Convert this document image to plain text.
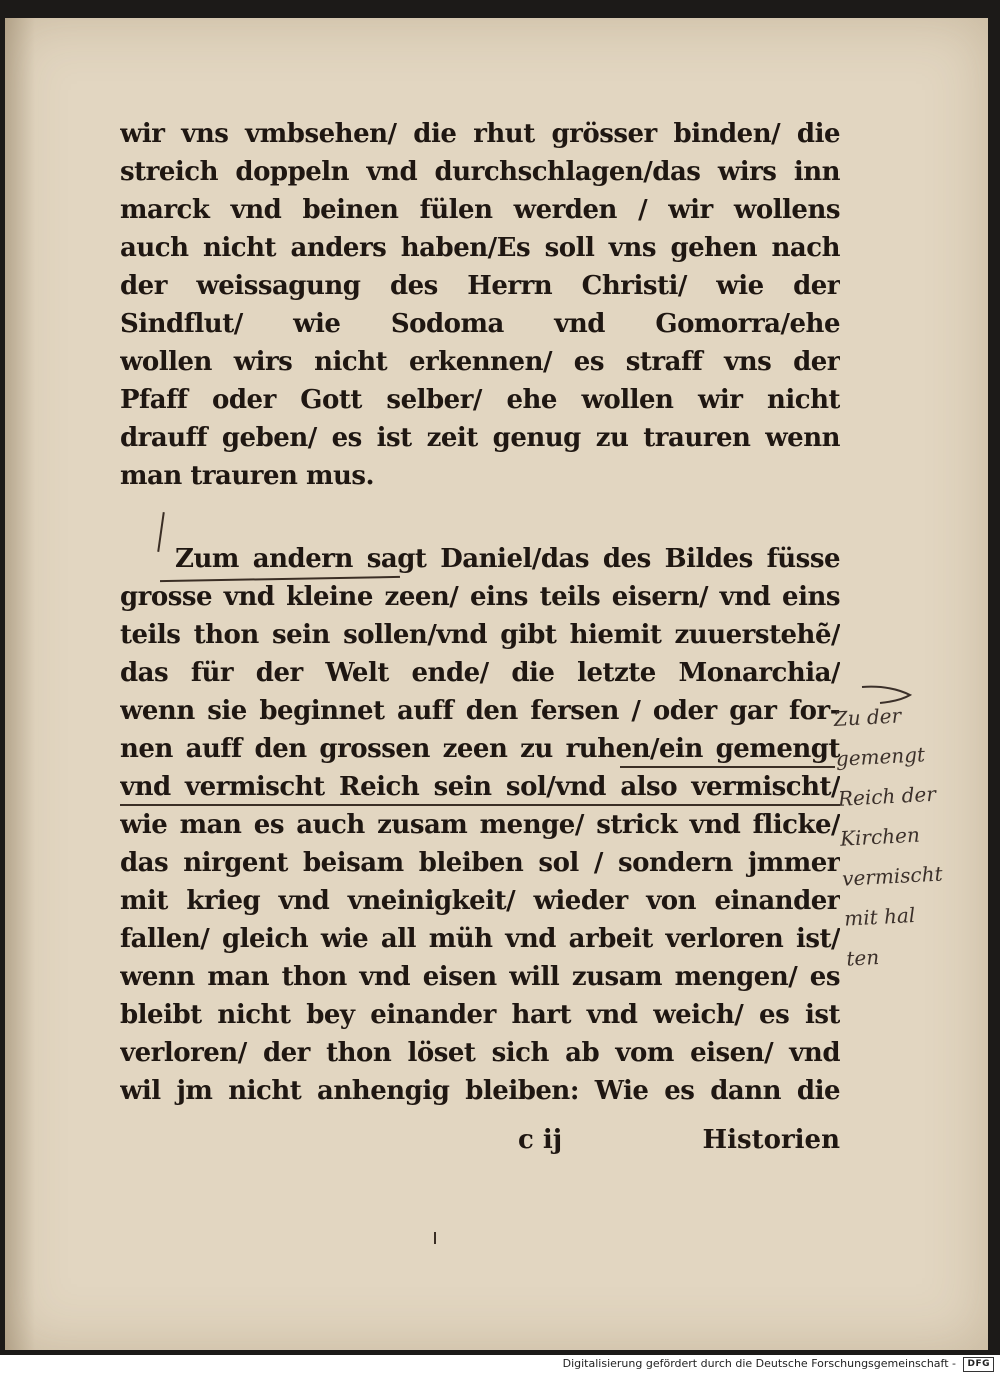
wir vns vmbsehen/ die rhut grösser binden/ die
streich doppeln vnd durchschlagen/das wirs inn
marck vnd beinen fülen werden / wir wollens
auch nicht anders haben/Es soll vns gehen nach
der weissagung des Herrn Christi/ wie der
Sindflut/ wie Sodoma vnd Gomorra/ehe
wollen wirs nicht erkennen/ es straff vns der
Pfaff oder Gott selber/ ehe wollen wir nicht
drauff geben/ es ist zeit genug zu trauren wenn
man trauren mus.
Zum andern sagt Daniel/das des Bildes füsse
grosse vnd kleine zeen/ eins teils eisern/ vnd eins
teils thon sein sollen/vnd gibt hiemit zuuerstehẽ/
das für der Welt ende/ die letzte Monarchia/
wenn sie beginnet auff den fersen / oder gar for-
nen auff den grossen zeen zu ruhen/ein gemengt
vnd vermischt Reich sein sol/vnd also vermischt/
wie man es auch zusam menge/ strick vnd flicke/
das nirgent beisam bleiben sol / sondern jmmer
mit krieg vnd vneinigkeit/ wieder von einander
fallen/ gleich wie all müh vnd arbeit verloren ist/
wenn man thon vnd eisen will zusam mengen/ es
bleibt nicht bey einander hart vnd weich/ es ist
verloren/ der thon löset sich ab vom eisen/ vnd
wil jm nicht anhengig bleiben: Wie es dann die
Zu der
gemengt
Reich der
Kirchen
vermischt
mit hal
ten
c ij	Historien
Digitalisierung gefördert durch die Deutsche Forschungsgemeinschaft -	DFG
